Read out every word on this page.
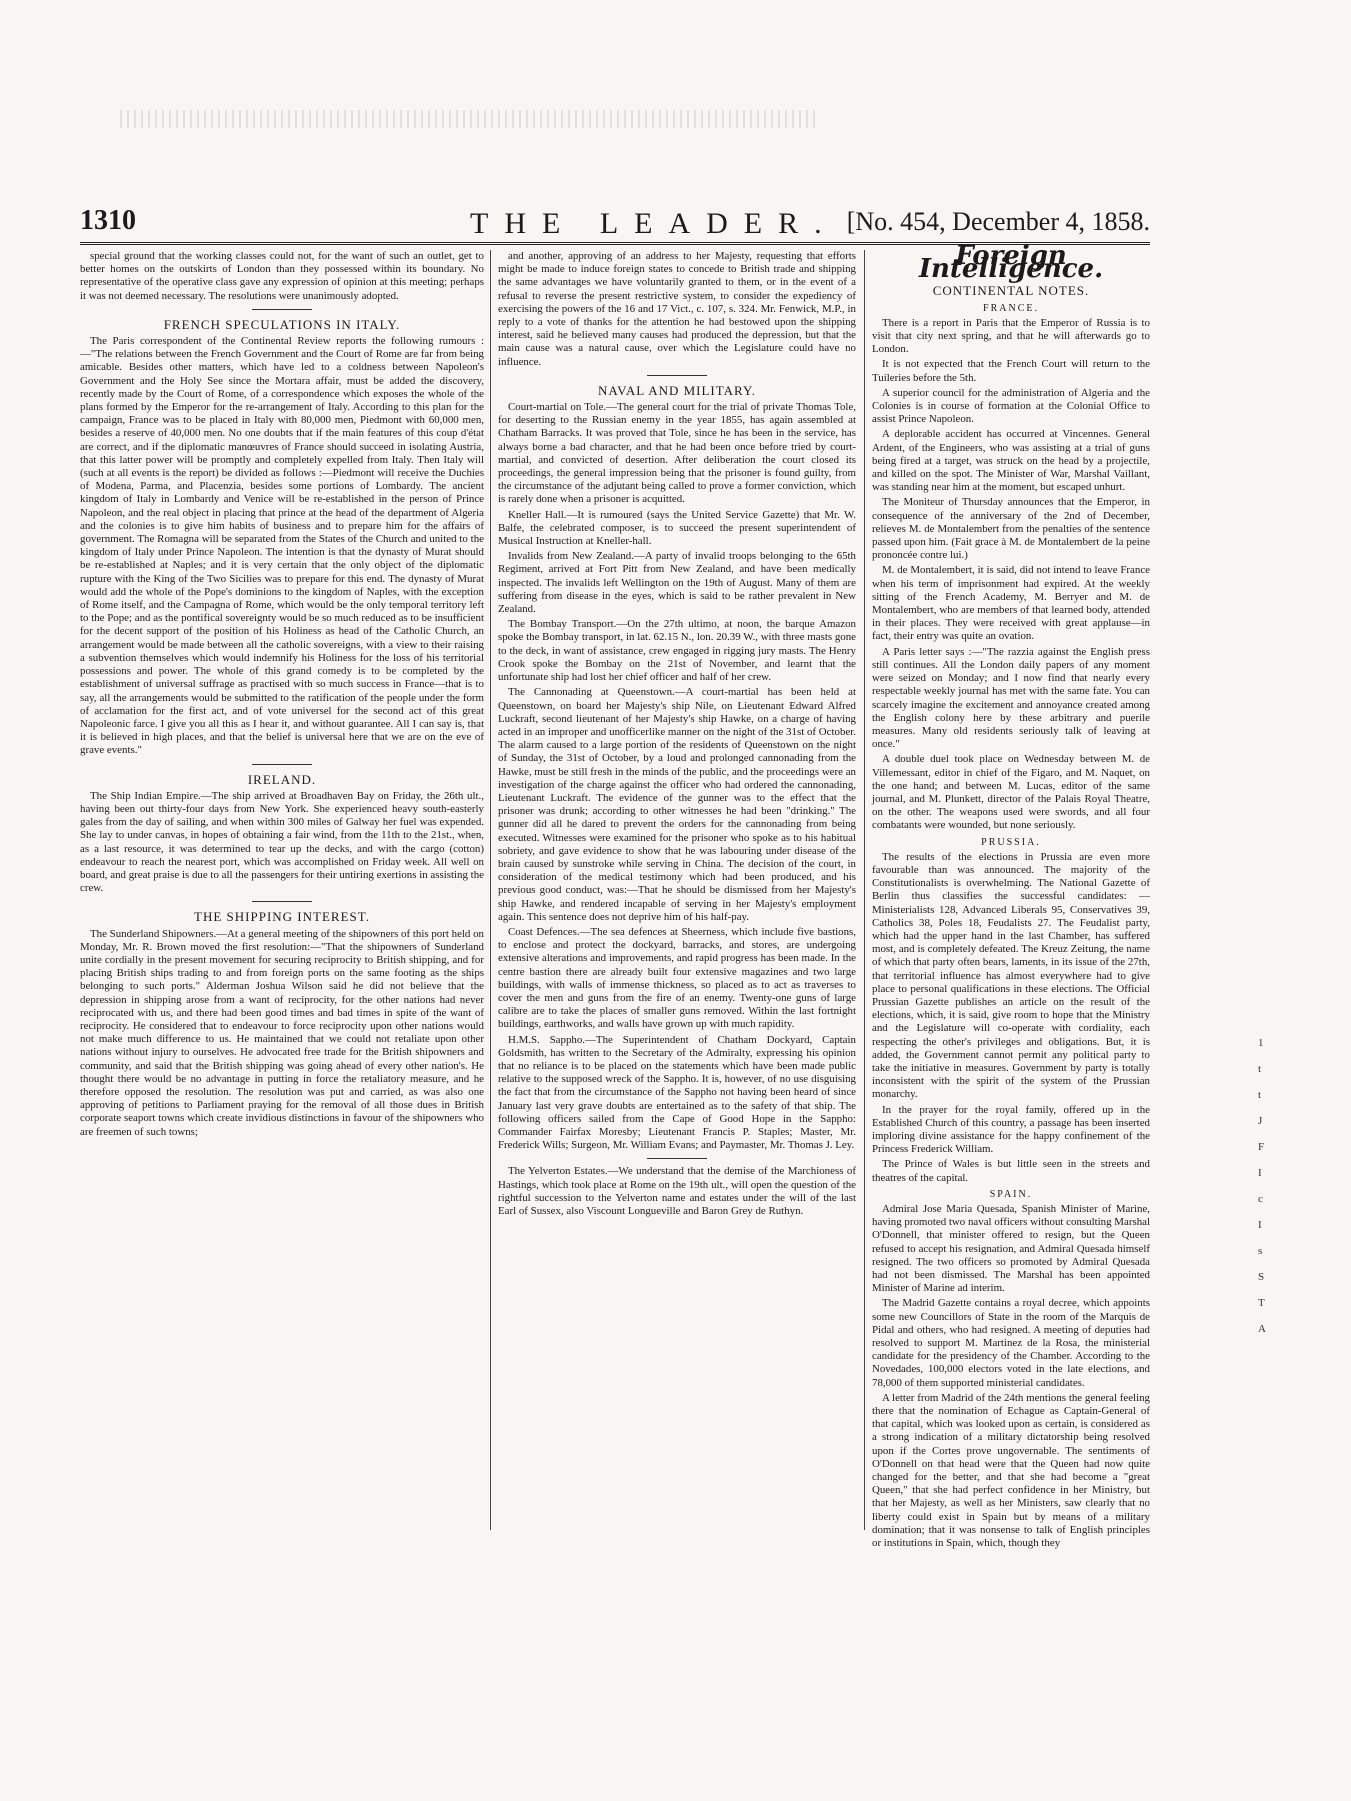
1310	THE LEADER. [No. 454, December 4, 1858.

special ground that the working classes could not, for the want of such an outlet, get to better homes on the outskirts of London than they possessed within its boundary. No representative of the operative class gave any expression of opinion at this meeting; perhaps it was not deemed necessary. The resolutions were unanimously adopted.

FRENCH SPECULATIONS IN ITALY.

The Paris correspondent of the Continental Review reports the following rumours :—"The relations between the French Government and the Court of Rome are far from being amicable. Besides other matters, which have led to a coldness between Napoleon's Government and the Holy See since the Mortara affair, must be added the discovery, recently made by the Court of Rome, of a correspondence which exposes the whole of the plans formed by the Emperor for the re-arrangement of Italy. According to this plan for the campaign, France was to be placed in Italy with 80,000 men, Piedmont with 60,000 men, besides a reserve of 40,000 men. No one doubts that if the main features of this coup d'état are correct, and if the diplomatic manœuvres of France should succeed in isolating Austria, that this latter power will be promptly and completely expelled from Italy. Then Italy will (such at all events is the report) be divided as follows :—Piedmont will receive the Duchies of Modena, Parma, and Placenzia, besides some portions of Lombardy. The ancient kingdom of Italy in Lombardy and Venice will be re-established in the person of Prince Napoleon, and the real object in placing that prince at the head of the department of Algeria and the colonies is to give him habits of business and to prepare him for the affairs of government. The Romagna will be separated from the States of the Church and united to the kingdom of Italy under Prince Napoleon. The intention is that the dynasty of Murat should be re-established at Naples; and it is very certain that the only object of the diplomatic rupture with the King of the Two Sicilies was to prepare for this end. The dynasty of Murat would add the whole of the Pope's dominions to the kingdom of Naples, with the exception of Rome itself, and the Campagna of Rome, which would be the only temporal territory left to the Pope; and as the pontifical sovereignty would be so much reduced as to be insufficient for the decent support of the position of his Holiness as head of the Catholic Church, an arrangement would be made between all the catholic sovereigns, with a view to their raising a subvention themselves which would indemnify his Holiness for the loss of his territorial possessions and power. The whole of this grand comedy is to be completed by the establishment of universal suffrage as practised with so much success in France—that is to say, all the arrangements would be submitted to the ratification of the people under the form of acclamation for the first act, and of vote universel for the second act of this great Napoleonic farce. I give you all this as I hear it, and without guarantee. All I can say is, that it is believed in high places, and that the belief is universal here that we are on the eve of grave events."

IRELAND.

The Ship Indian Empire.—The ship arrived at Broadhaven Bay on Friday, the 26th ult., having been out thirty-four days from New York. She experienced heavy south-easterly gales from the day of sailing, and when within 300 miles of Galway her fuel was expended. She lay to under canvas, in hopes of obtaining a fair wind, from the 11th to the 21st., when, as a last resource, it was determined to tear up the decks, and with the cargo (cotton) endeavour to reach the nearest port, which was accomplished on Friday week. All well on board, and great praise is due to all the passengers for their untiring exertions in assisting the crew.

THE SHIPPING INTEREST.

The Sunderland Shipowners.—At a general meeting of the shipowners of this port held on Monday, Mr. R. Brown moved the first resolution:—"That the shipowners of Sunderland unite cordially in the present movement for securing reciprocity to British shipping, and for placing British ships trading to and from foreign ports on the same footing as the ships belonging to such ports." Alderman Joshua Wilson said he did not believe that the depression in shipping arose from a want of reciprocity, for the other nations had never reciprocated with us, and there had been good times and bad times in spite of the want of reciprocity. He considered that to endeavour to force reciprocity upon other nations would not make much difference to us. He maintained that we could not retaliate upon other nations without injury to ourselves. He advocated free trade for the British shipowners and community, and said that the British shipping was going ahead of every other nation's. He thought there would be no advantage in putting in force the retaliatory measure, and he therefore opposed the resolution. The resolution was put and carried, as was also one approving of petitions to Parliament praying for the removal of all those dues in British corporate seaport towns which create invidious distinctions in favour of the shipowners who are freemen of such towns;

and another, approving of an address to her Majesty, requesting that efforts might be made to induce foreign states to concede to British trade and shipping the same advantages we have voluntarily granted to them, or in the event of a refusal to reverse the present restrictive system, to consider the expediency of exercising the powers of the 16 and 17 Vict., c. 107, s. 324. Mr. Fenwick, M.P., in reply to a vote of thanks for the attention he had bestowed upon the shipping interest, said he believed many causes had produced the depression, but that the main cause was a natural cause, over which the Legislature could have no influence.

NAVAL AND MILITARY.

Court-martial on Tole.—The general court for the trial of private Thomas Tole, for deserting to the Russian enemy in the year 1855, has again assembled at Chatham Barracks. It was proved that Tole, since he has been in the service, has always borne a bad character, and that he had been once before tried by court-martial, and convicted of desertion. After deliberation the court closed its proceedings, the general impression being that the prisoner is found guilty, from the circumstance of the adjutant being called to prove a former conviction, which is rarely done when a prisoner is acquitted.

Kneller Hall.—It is rumoured (says the United Service Gazette) that Mr. W. Balfe, the celebrated composer, is to succeed the present superintendent of Musical Instruction at Kneller-hall.

Invalids from New Zealand.—A party of invalid troops belonging to the 65th Regiment, arrived at Fort Pitt from New Zealand, and have been medically inspected. The invalids left Wellington on the 19th of August. Many of them are suffering from disease in the eyes, which is said to be rather prevalent in New Zealand.

The Bombay Transport.—On the 27th ultimo, at noon, the barque Amazon spoke the Bombay transport, in lat. 62.15 N., lon. 20.39 W., with three masts gone to the deck, in want of assistance, crew engaged in rigging jury masts. The Henry Crook spoke the Bombay on the 21st of November, and learnt that the unfortunate ship had lost her chief officer and half of her crew.

The Cannonading at Queenstown.—A court-martial has been held at Queenstown, on board her Majesty's ship Nile, on Lieutenant Edward Alfred Luckraft, second lieutenant of her Majesty's ship Hawke, on a charge of having acted in an improper and unofficerlike manner on the night of the 31st of October. The alarm caused to a large portion of the residents of Queenstown on the night of Sunday, the 31st of October, by a loud and prolonged cannonading from the Hawke, must be still fresh in the minds of the public, and the proceedings were an investigation of the charge against the officer who had ordered the cannonading, Lieutenant Luckraft. The evidence of the gunner was to the effect that the prisoner was drunk; according to other witnesses he had been "drinking." The gunner did all he dared to prevent the orders for the cannonading from being executed. Witnesses were examined for the prisoner who spoke as to his habitual sobriety, and gave evidence to show that he was labouring under disease of the brain caused by sunstroke while serving in China. The decision of the court, in consideration of the medical testimony which had been produced, and his previous good conduct, was:—That he should be dismissed from her Majesty's ship Hawke, and rendered incapable of serving in her Majesty's employment again. This sentence does not deprive him of his half-pay.

Coast Defences.—The sea defences at Sheerness, which include five bastions, to enclose and protect the dockyard, barracks, and stores, are undergoing extensive alterations and improvements, and rapid progress has been made. In the centre bastion there are already built four extensive magazines and two large buildings, with walls of immense thickness, so placed as to act as traverses to cover the men and guns from the fire of an enemy. Twenty-one guns of large calibre are to take the places of smaller guns removed. Within the last fortnight buildings, earthworks, and walls have grown up with much rapidity.

H.M.S. Sappho.—The Superintendent of Chatham Dockyard, Captain Goldsmith, has written to the Secretary of the Admiralty, expressing his opinion that no reliance is to be placed on the statements which have been made public relative to the supposed wreck of the Sappho. It is, however, of no use disguising the fact that from the circumstance of the Sappho not having been heard of since January last very grave doubts are entertained as to the safety of that ship. The following officers sailed from the Cape of Good Hope in the Sappho: Commander Fairfax Moresby; Lieutenant Francis P. Staples; Master, Mr. Frederick Wills; Surgeon, Mr. William Evans; and Paymaster, Mr. Thomas J. Ley.

The Yelverton Estates.—We understand that the demise of the Marchioness of Hastings, which took place at Rome on the 19th ult., will open the question of the rightful succession to the Yelverton name and estates under the will of the last Earl of Sussex, also Viscount Longueville and Baron Grey de Ruthyn.

Foreign Intelligence.
CONTINENTAL NOTES.
FRANCE.

There is a report in Paris that the Emperor of Russia is to visit that city next spring, and that he will afterwards go to London.

It is not expected that the French Court will return to the Tuileries before the 5th.

A superior council for the administration of Algeria and the Colonies is in course of formation at the Colonial Office to assist Prince Napoleon.

A deplorable accident has occurred at Vincennes. General Ardent, of the Engineers, who was assisting at a trial of guns being fired at a target, was struck on the head by a projectile, and killed on the spot. The Minister of War, Marshal Vaillant, was standing near him at the moment, but escaped unhurt.

The Moniteur of Thursday announces that the Emperor, in consequence of the anniversary of the 2nd of December, relieves M. de Montalembert from the penalties of the sentence passed upon him. (Fait grace à M. de Montalembert de la peine prononcée contre lui.)

M. de Montalembert, it is said, did not intend to leave France when his term of imprisonment had expired. At the weekly sitting of the French Academy, M. Berryer and M. de Montalembert, who are members of that learned body, attended in their places. They were received with great applause—in fact, their entry was quite an ovation.

A Paris letter says :—"The razzia against the English press still continues. All the London daily papers of any moment were seized on Monday; and I now find that nearly every respectable weekly journal has met with the same fate. You can scarcely imagine the excitement and annoyance created among the English colony here by these arbitrary and puerile measures. Many old residents seriously talk of leaving at once."

A double duel took place on Wednesday between M. de Villemessant, editor in chief of the Figaro, and M. Naquet, on the one hand; and between M. Lucas, editor of the same journal, and M. Plunkett, director of the Palais Royal Theatre, on the other. The weapons used were swords, and all four combatants were wounded, but none seriously.

PRUSSIA.

The results of the elections in Prussia are even more favourable than was announced. The majority of the Constitutionalists is overwhelming. The National Gazette of Berlin thus classifies the successful candidates: —Ministerialists 128, Advanced Liberals 95, Conservatives 39, Catholics 38, Poles 18, Feudalists 27. The Feudalist party, which had the upper hand in the last Chamber, has suffered most, and is completely defeated. The Kreuz Zeitung, the name of which that party often bears, laments, in its issue of the 27th, that territorial influence has almost everywhere had to give place to personal qualifications in these elections. The Official Prussian Gazette publishes an article on the result of the elections, which, it is said, give room to hope that the Ministry and the Legislature will co-operate with cordiality, each respecting the other's privileges and obligations. But, it is added, the Government cannot permit any political party to take the initiative in measures. Government by party is totally inconsistent with the spirit of the system of the Prussian monarchy.

In the prayer for the royal family, offered up in the Established Church of this country, a passage has been inserted imploring divine assistance for the happy confinement of the Princess Frederick William.

The Prince of Wales is but little seen in the streets and theatres of the capital.

SPAIN.

Admiral Jose Maria Quesada, Spanish Minister of Marine, having promoted two naval officers without consulting Marshal O'Donnell, that minister offered to resign, but the Queen refused to accept his resignation, and Admiral Quesada himself resigned. The two officers so promoted by Admiral Quesada had not been dismissed. The Marshal has been appointed Minister of Marine ad interim.

The Madrid Gazette contains a royal decree, which appoints some new Councillors of State in the room of the Marquis de Pidal and others, who had resigned. A meeting of deputies had resolved to support M. Martinez de la Rosa, the ministerial candidate for the presidency of the Chamber. According to the Novedades, 100,000 electors voted in the late elections, and 78,000 of them supported ministerial candidates.

A letter from Madrid of the 24th mentions the general feeling there that the nomination of Echague as Captain-General of that capital, which was looked upon as certain, is considered as a strong indication of a military dictatorship being resolved upon if the Cortes prove ungovernable. The sentiments of O'Donnell on that head were that the Queen had now quite changed for the better, and that she had become a "great Queen," that she had perfect confidence in her Ministry, but that her Majesty, as well as her Ministers, saw clearly that no liberty could exist in Spain but by means of a military domination; that it was nonsense to talk of English principles or institutions in Spain, which, though they

1
t
t
J
F
I
c
I
s
S
T
A
